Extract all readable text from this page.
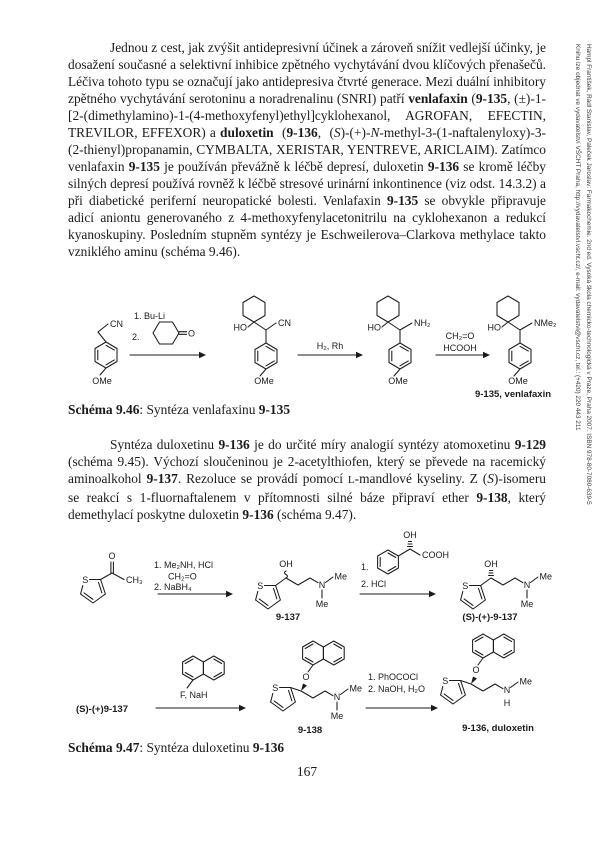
Jednou z cest, jak zvýšit antidepresivní účinek a zároveň snížit vedlejší účinky, je dosažení současné a selektivní inhibice zpětného vychytávání dvou klíčových přenašečů. Léčiva tohoto typu se označují jako antidepresiva čtvrté generace. Mezi duální inhibitory zpětného vychytávání serotoninu a noradrenalinu (SNRI) patří venlafaxin (9-135, (±)-1-[2-(dimethylamino)-1-(4-methoxyfenyl)ethyl]cyklohexanol, AGROFAN, EFECTIN, TREVILOR, EFFEXOR) a duloxetin  (9-136,  (S)-(+)-N-methyl-3-(1-naftalenyloxy)-3-(2-thienyl)propanamin, CYMBALTA, XERISTAR, YENTREVE, ARICLAIM). Zatímco venlafaxin 9-135 je používán převážně k léčbě depresí, duloxetin 9-136 se kromě léčby silných depresí používá rovněž k léčbě stresové urinární inkontinence (viz odst. 14.3.2) a při diabetické periferní neuropatické bolesti. Venlafaxin 9-135 se obvykle připravuje adicí aniontu generovaného z 4-methoxyfenylacetonitrilu na cyklohexanon a redukcí kyanoskupiny. Posledním stupněm syntézy je Eschweilerova–Clarkova methylace takto vzniklého aminu (schéma 9.46).
CN
OMe
1. Bu-Li
2.	O
HO	CN
OMe
H₂, Rh
HO	NH₂
OMe
CH₂=O
HCOOH
HO	NMe₂
OMe
9-135, venlafaxin
Schéma 9.46: Syntéza venlafaxinu 9-135
Syntéza duloxetinu 9-136 je do určité míry analogií syntézy atomoxetinu 9-129 (schéma 9.45). Výchozí sloučeninou je 2-acetylthiofen, který se převede na racemický aminoalkohol 9-137. Rezoluce se provádí pomocí L-mandlové kyseliny. Z (S)-isomeru se reakcí s 1-fluornaftalenem v přítomnosti silné báze připraví ether 9-138, který demethylací poskytne duloxetin 9-136 (schéma 9.47).
S
O
CH₃
1. Me₂NH, HCl
CH₂=O
2. NaBH₄	S
OH
N
Me
Me
9-137
1.
OH
COOH
2. HCl	S
OH
N
Me
Me
(S)-(+)-9-137
(S)-(+)9-137
F, NaH
O
S
N
Me
Me
9-138
1. PhOCOCl
2. NaOH, H₂O
O
S
N
Me
H
9-136, duloxetin
Schéma 9.47: Syntéza duloxetinu 9-136
167
Hampl František, Rádl Stanislav, Paleček Jaroslav: Farmakochemie. 2nd ed. Vysoká škola chemicko-technologická v Praze, Praha 2007. ISBN 978-80-7080-639-5
Knihu lze objednat ve vydavatelství VŠCHT Praha, http://vydavatelstvi.vscht.cz/, e-mail: vydavatelstvi@vscht.cz, tel.: (+420) 220 443 211
